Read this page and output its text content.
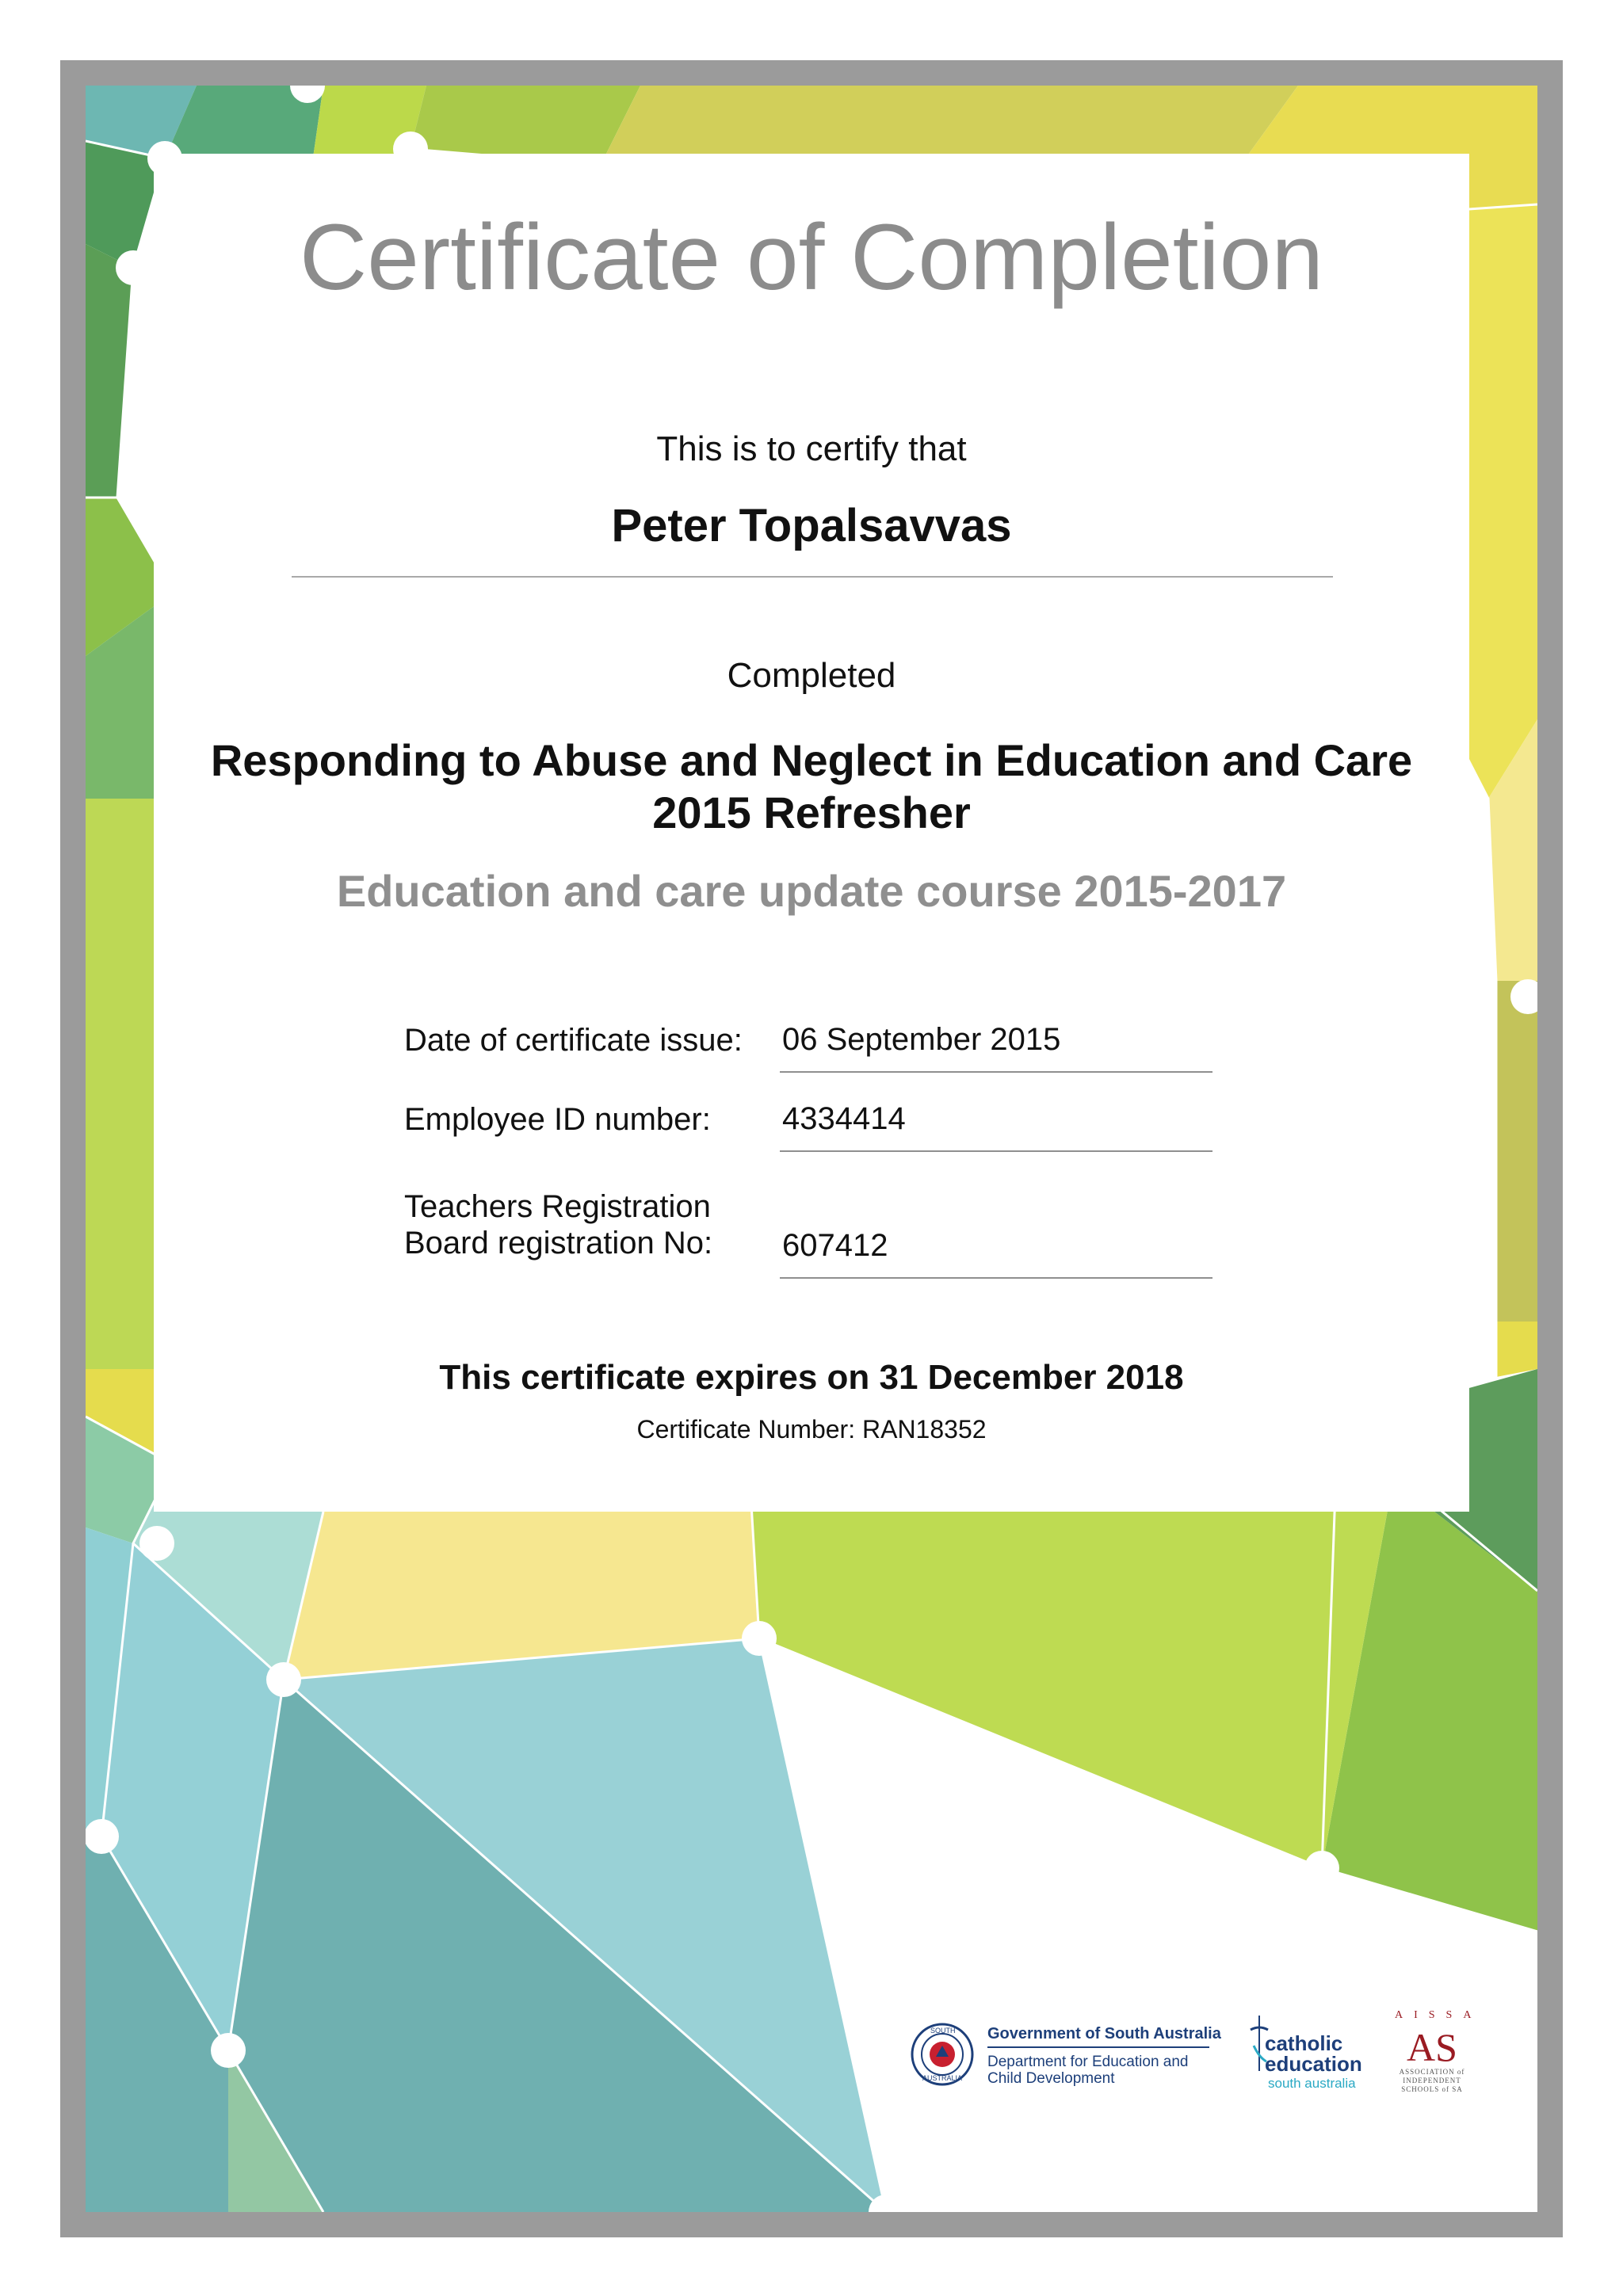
Certificate of Completion
This is to certify that
Peter Topalsavvas
Completed
Responding to Abuse and Neglect in Education and Care
2015 Refresher
Education and care update course 2015-2017
Date of certificate issue: 06 September 2015
Employee ID number: 4334414
Teachers Registration
Board registration No: 607412
This certificate expires on 31 December 2018
Certificate Number: RAN18352
SOUTH
AUSTRALIA
Government of South Australia
Department for Education and
Child Development
catholic
education
south australia
AISSA
AS
ASSOCIATION of
INDEPENDENT
SCHOOLS of SA
